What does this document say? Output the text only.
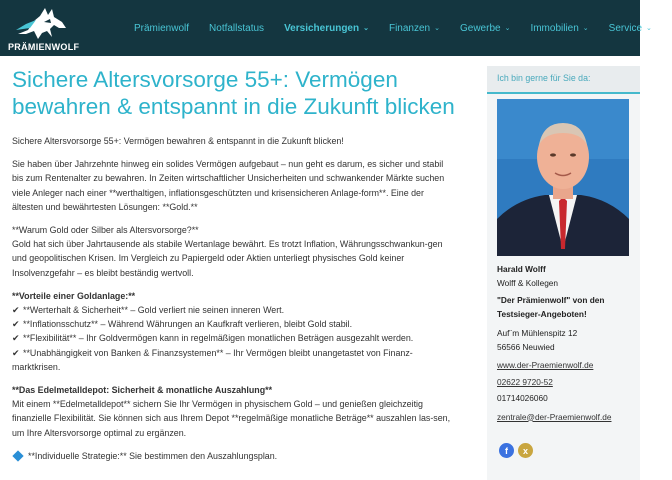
PRÄMIENWOLF
Prämienwolf Notfallstatus Versicherungen ⌄ Finanzen ⌄ Gewerbe ⌄ Immobilien ⌄ Service ⌄
Sichere Altersvorsorge 55+: Vermögen bewahren & entspannt in die Zukunft blicken

Sichere Altersvorsorge 55+: Vermögen bewahren & entspannt in die Zukunft blicken!

Sie haben über Jahrzehnte hinweg ein solides Vermögen aufgebaut – nun geht es darum, es sicher und stabil bis zum Rentenalter zu bewahren. In Zeiten wirtschaftlicher Unsicherheiten und schwankender Märkte suchen viele Anleger nach einer **werthaltigen, inflationsgeschützten und krisensicheren Anlage-form**. Eine der ältesten und bewährtesten Lösungen: **Gold.**

**Warum Gold oder Silber als Altersvorsorge?**
Gold hat sich über Jahrtausende als stabile Wertanlage bewährt. Es trotzt Inflation, Währungsschwankun-gen und geopolitischen Krisen. Im Vergleich zu Papiergeld oder Aktien unterliegt physisches Gold keiner Insolvenzgefahr – es bleibt beständig wertvoll.

**Vorteile einer Goldanlage:**
✔ **Werterhalt & Sicherheit** – Gold verliert nie seinen inneren Wert.
✔ **Inflationsschutz** – Während Währungen an Kaufkraft verlieren, bleibt Gold stabil.
✔ **Flexibilität** – Ihr Goldvermögen kann in regelmäßigen monatlichen Beträgen ausgezahlt werden.
✔ **Unabhängigkeit von Banken & Finanzsystemen** – Ihr Vermögen bleibt unangetastet von Finanz-marktkrisen.

**Das Edelmetalldepot: Sicherheit & monatliche Auszahlung**
Mit einem **Edelmetalldepot** sichern Sie Ihr Vermögen in physischem Gold – und genießen gleichzeitig finanzielle Flexibilität. Sie können sich aus Ihrem Depot **regelmäßige monatliche Beträge** auszahlen las-sen, um Ihre Altersvorsorge optimal zu ergänzen.

**Individuelle Strategie:** Sie bestimmen den Auszahlungsplan.

Ich bin gerne für Sie da:
Harald Wolff
Wolff & Kollegen
"Der Prämienwolf" von den Testsieger-Angeboten!
Auf¨m Mühlenspitz 12
56566 Neuwied
www.der-Praemienwolf.de
02622 9720-52
01714026060
zentrale@der-Praemienwolf.de
f	x
